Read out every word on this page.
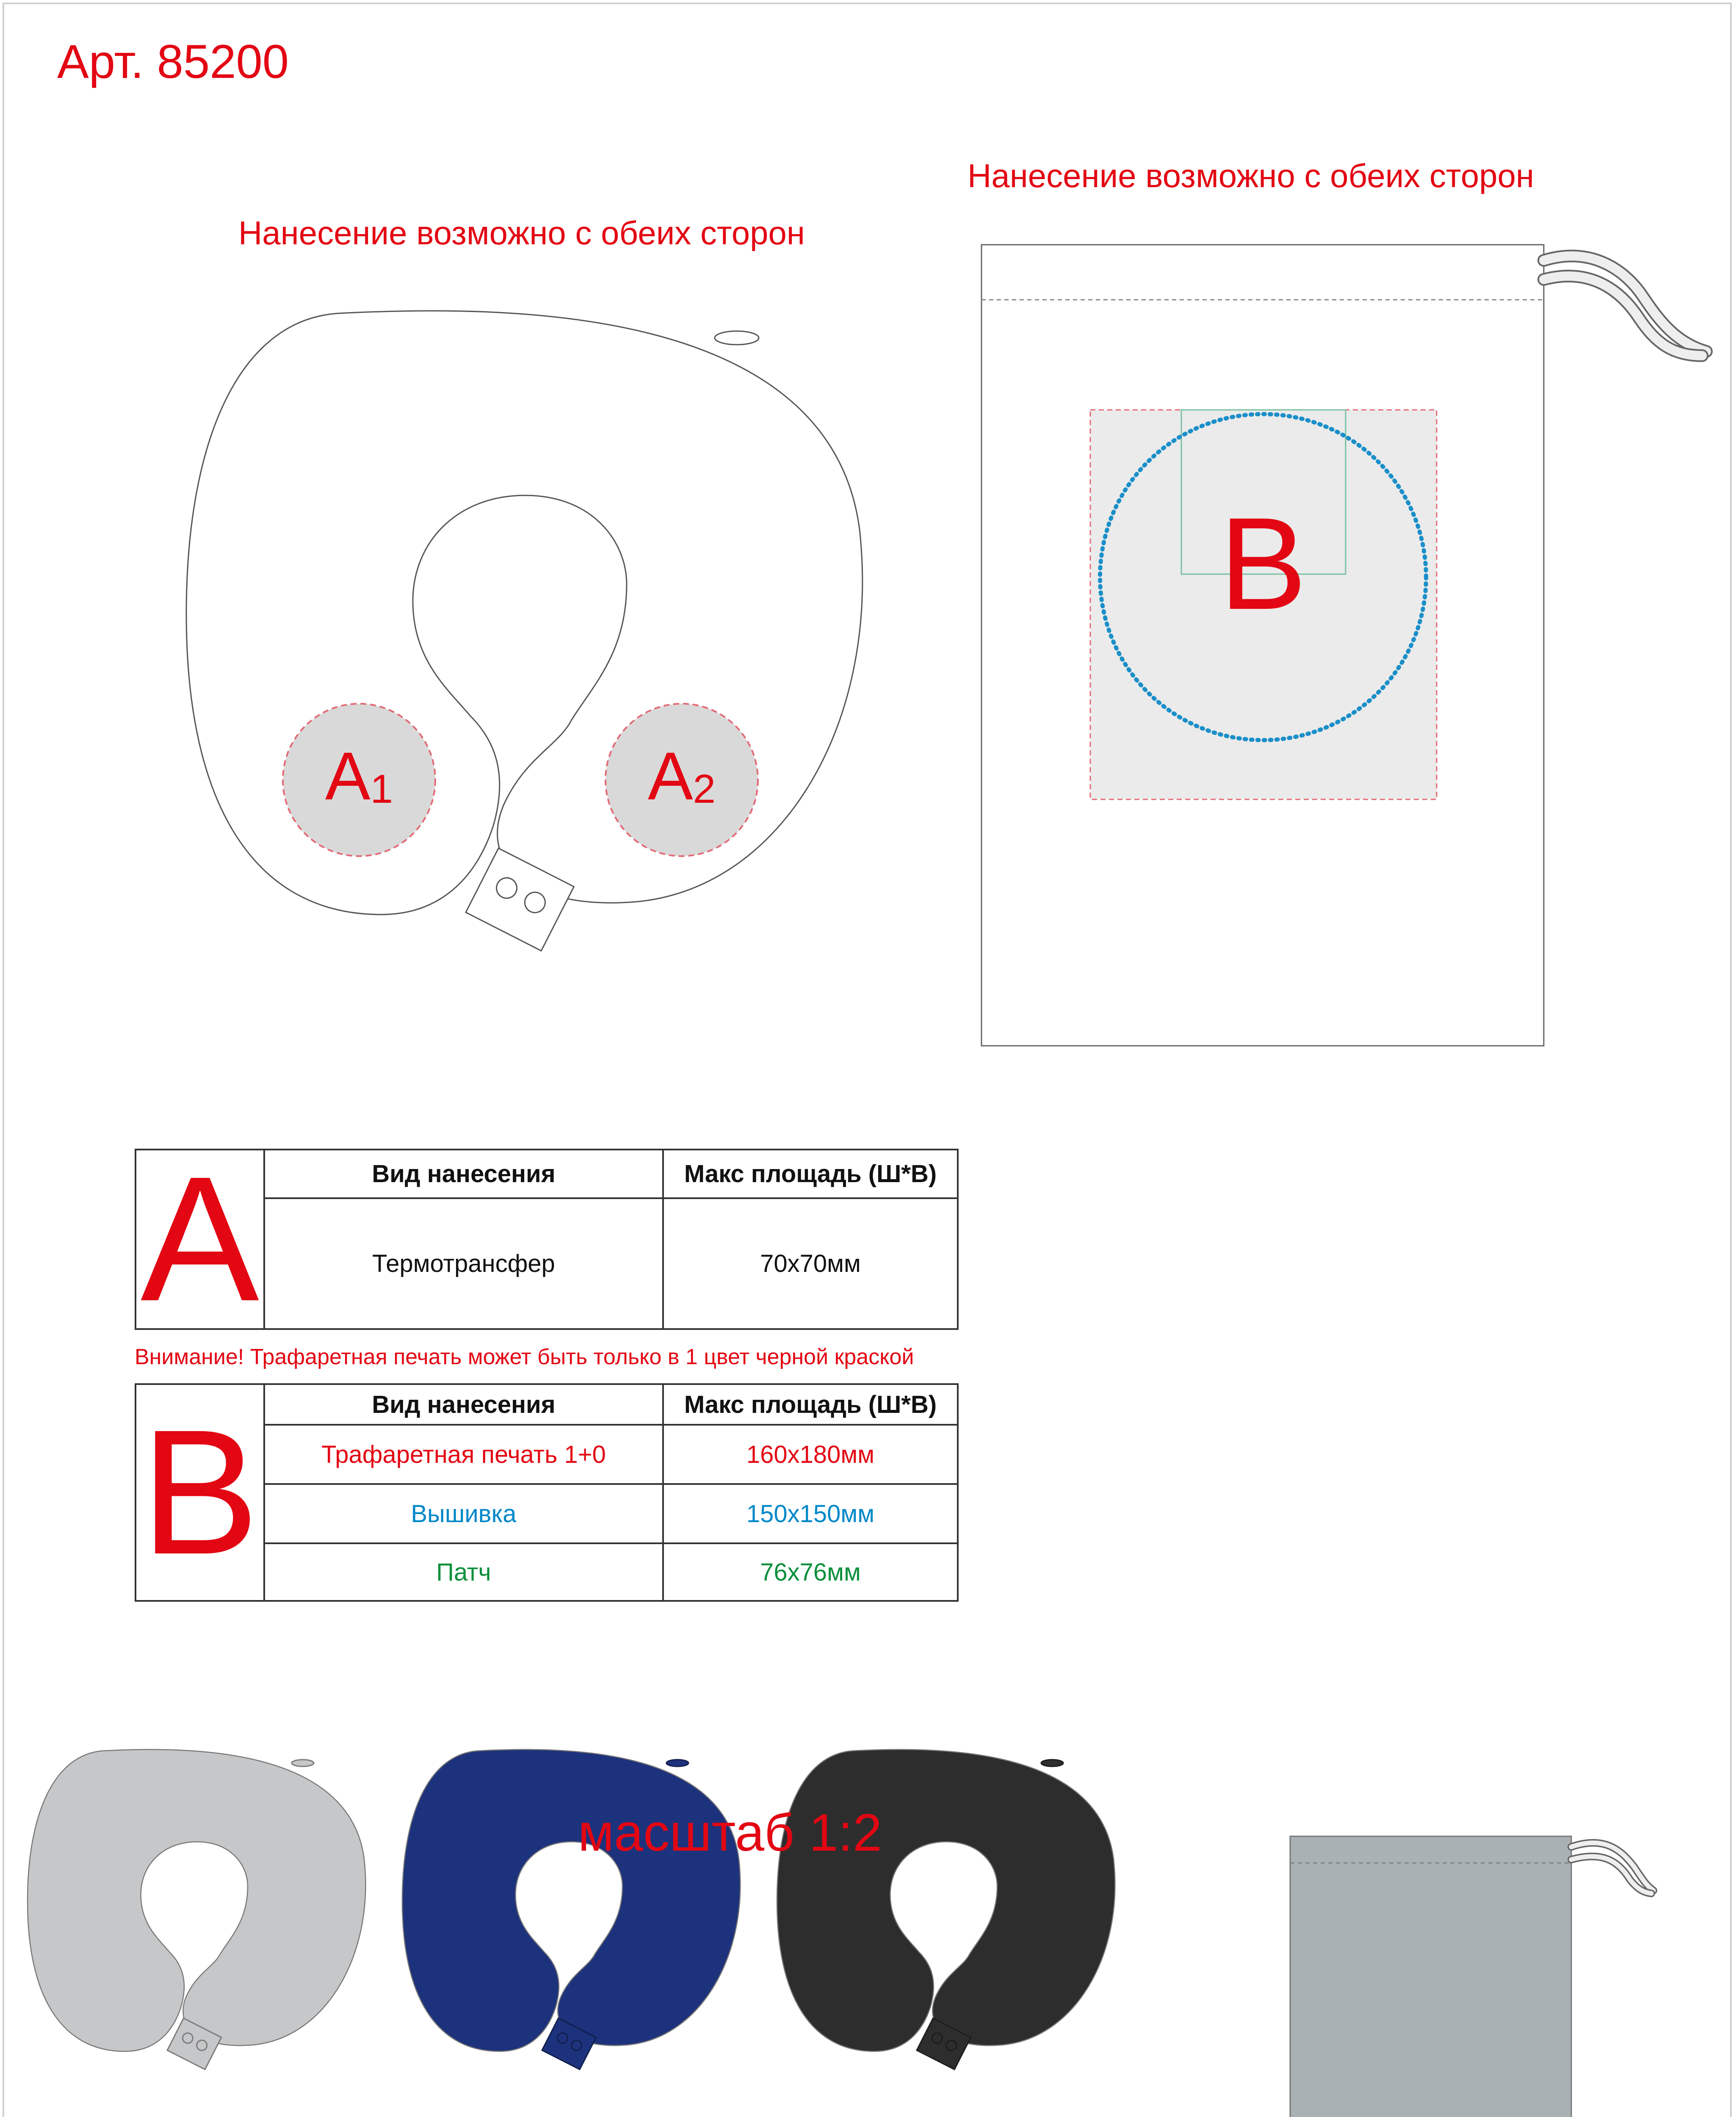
Арт. 85200
Нанесение возможно с обеих сторон
Нанесение возможно с обеих сторон
A1	A2
B
A	Вид нанесения	Макс площадь (Ш*В)
	Термотрансфер	70х70мм
Внимание! Трафаретная печать может быть только в 1 цвет черной краской
B	Вид нанесения	Макс площадь (Ш*В)
	Трафаретная печать 1+0	160х180мм
	Вышивка	150х150мм
	Патч	76х76мм
масштаб 1:2
